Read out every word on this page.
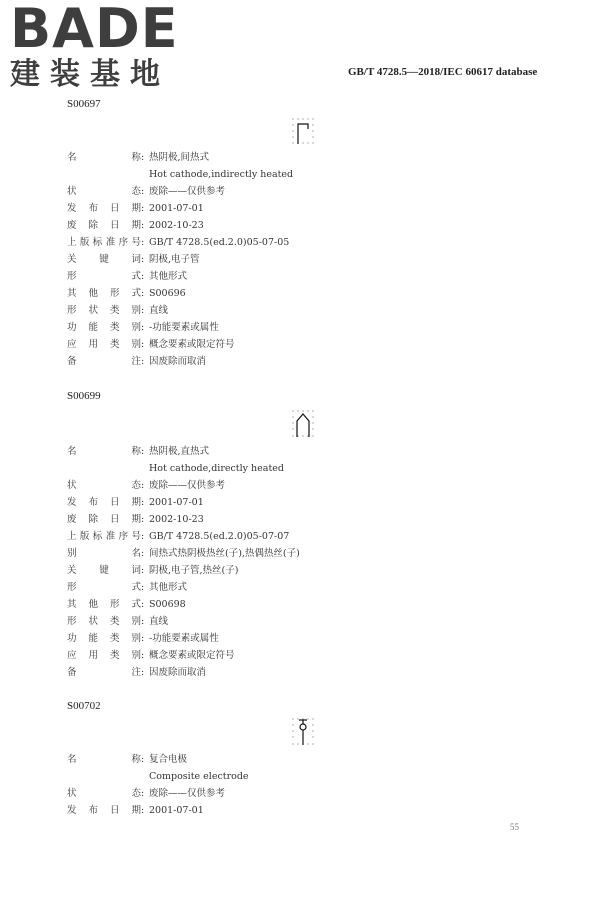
BADE
建装基地	GB/T 4728.5—2018/IEC 60617 database
S00697
名称 : 热阴极,间热式
Hot cathode,indirectly heated
状态 : 废除——仅供参考
发布日期 : 2001-07-01
废除日期 : 2002-10-23
上版标准序号 : GB/T 4728.5(ed.2.0)05-07-05
关键词 : 阴极,电子管
形式 : 其他形式
其他形式 : S00696
形状类别 : 直线
功能类别 : -功能要素或属性
应用类别 : 概念要素或限定符号
备注 : 因废除而取消
S00699
名称 : 热阴极,直热式
Hot cathode,directly heated
状态 : 废除——仅供参考
发布日期 : 2001-07-01
废除日期 : 2002-10-23
上版标准序号 : GB/T 4728.5(ed.2.0)05-07-07
别名 : 间热式热阴极热丝(子),热偶热丝(子)
关键词 : 阴极,电子管,热丝(子)
形式 : 其他形式
其他形式 : S00698
形状类别 : 直线
功能类别 : -功能要素或属性
应用类别 : 概念要素或限定符号
备注 : 因废除而取消
S00702
名称 : 复合电极
Composite electrode
状态 : 废除——仅供参考
发布日期 : 2001-07-01
55
